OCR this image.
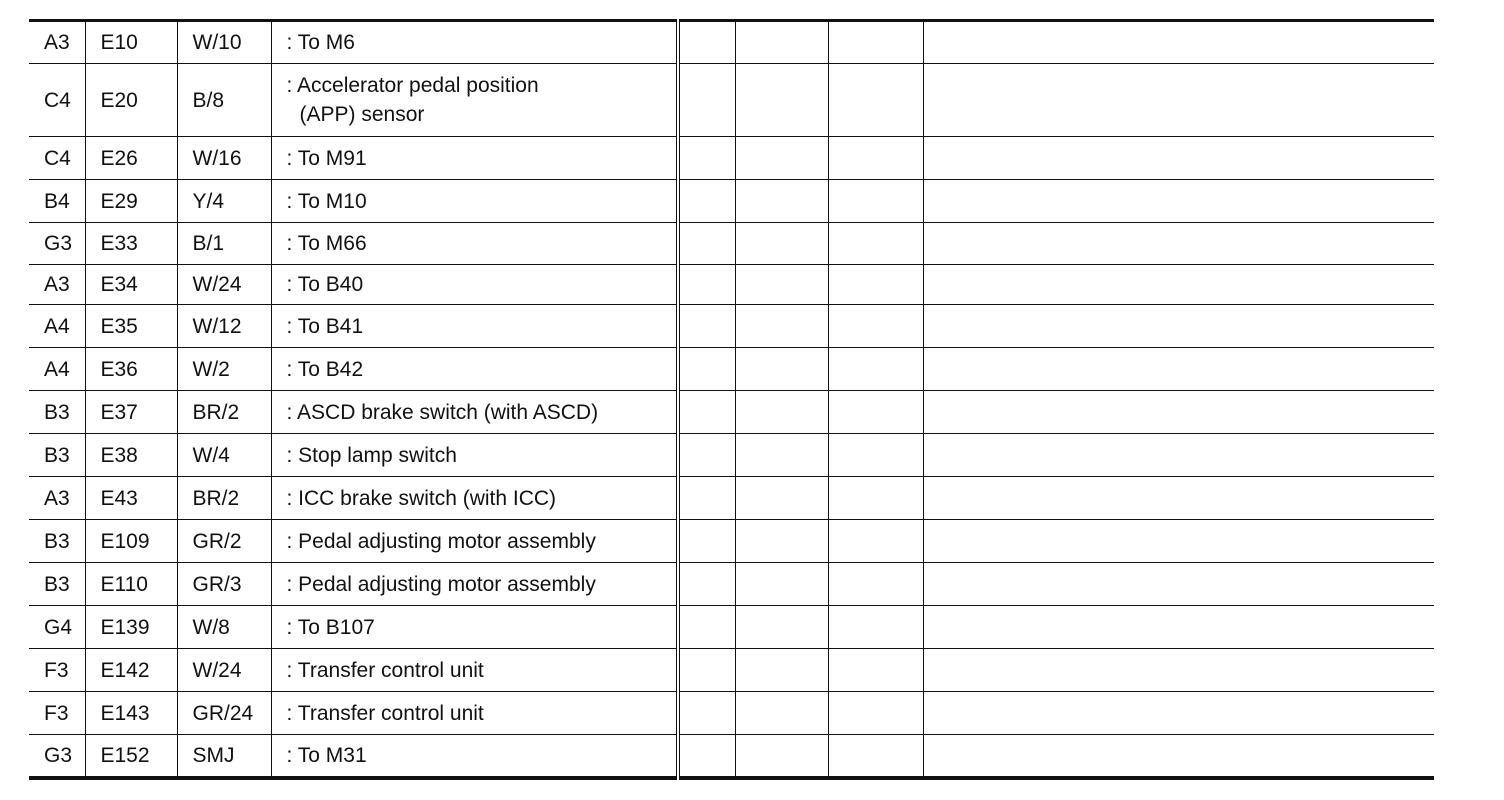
A3	E10	W/10	: To M6				
C4	E20	B/8	: Accelerator pedal position
(APP) sensor				

C4	E26	W/16	: To M91				
B4	E29	Y/4	: To M10				
G3	E33	B/1	: To M66				
A3	E34	W/24	: To B40				
A4	E35	W/12	: To B41				
A4	E36	W/2	: To B42				
B3	E37	BR/2	: ASCD brake switch (with ASCD)				
B3	E38	W/4	: Stop lamp switch				
A3	E43	BR/2	: ICC brake switch (with ICC)				
B3	E109	GR/2	: Pedal adjusting motor assembly				
B3	E110	GR/3	: Pedal adjusting motor assembly				
G4	E139	W/8	: To B107				
F3	E142	W/24	: Transfer control unit				
F3	E143	GR/24	: Transfer control unit				
G3	E152	SMJ	: To M31				
